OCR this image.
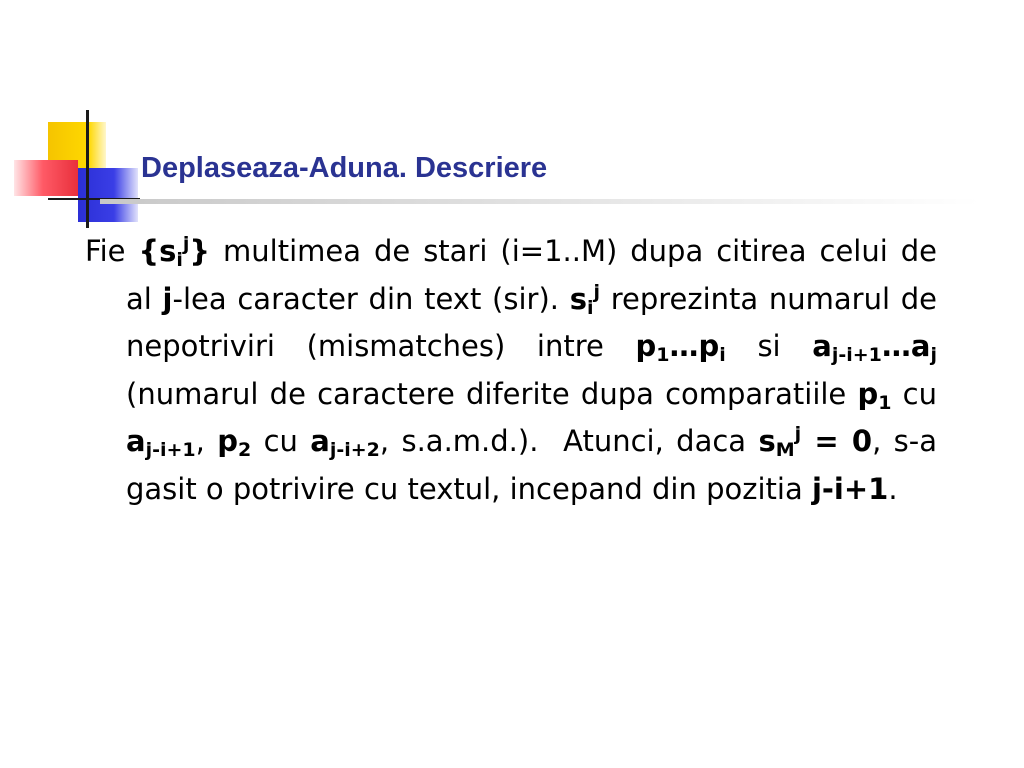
Deplaseaza-Aduna. Descriere

Fie $\{s_i^j\}$ multimea de stari (i=1..M) dupa citirea celui de al j-lea caracter din text (sir). $s_i^j$ reprezinta numarul de nepotriviri (mismatches) intre $p_1\dots p_i$ si $a_{j-i+1}\dots a_j$ (numarul de caractere diferite dupa comparatiile $p_1$ cu $a_{j-i+1}$, $p_2$ cu $a_{j-i+2}$, s.a.m.d.).  Atunci, daca $s_M^j = 0$, s-a gasit o potrivire cu textul, incepand din pozitia j-i+1.
